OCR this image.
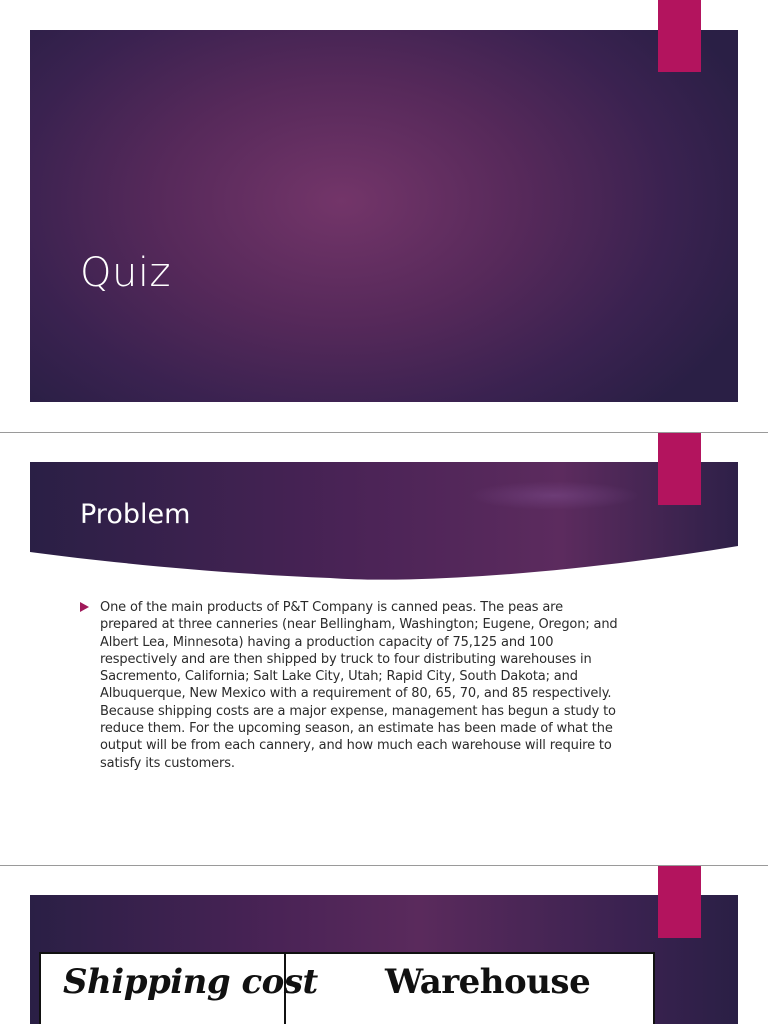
Quiz
Problem

One of the main products of P&T Company is canned peas. The peas are prepared at three canneries (near Bellingham, Washington; Eugene, Oregon; and Albert Lea, Minnesota) having a production capacity of 75,125 and 100 respectively and are then shipped by truck to four distributing warehouses in Sacremento, California; Salt Lake City, Utah; Rapid City, South Dakota; and Albuquerque, New Mexico with a requirement of 80, 65, 70, and 85 respectively. Because shipping costs are a major expense, management has begun a study to reduce them. For the upcoming season, an estimate has been made of what the output will be from each cannery, and how much each warehouse will require to satisfy its customers.

Shipping cost Warehouse
